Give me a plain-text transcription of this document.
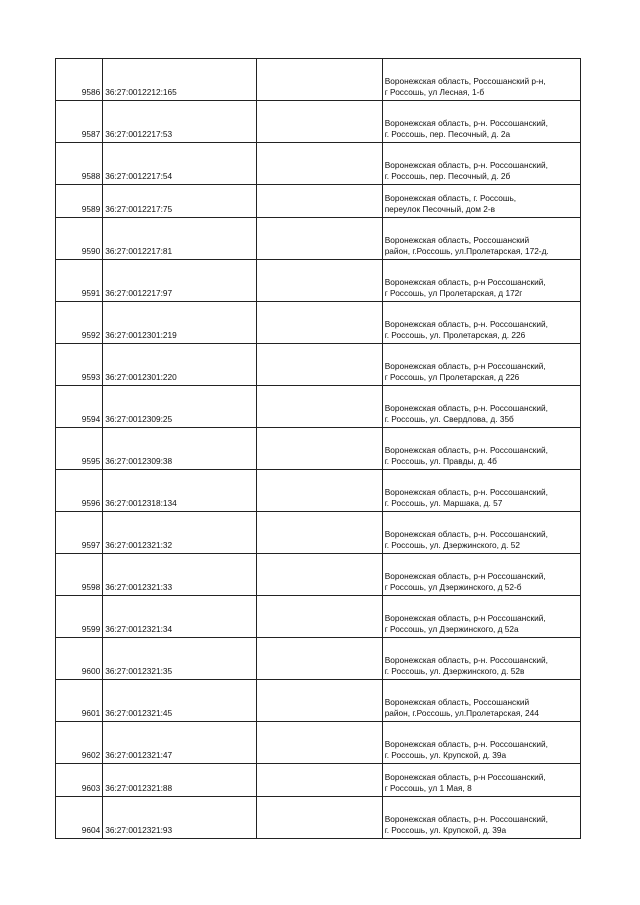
9586	36:27:0012212:165		Воронежская область, Россошанский р-н,
г Россошь, ул Лесная, 1-б

9587	36:27:0012217:53		Воронежская область, р-н. Россошанский,
г. Россошь, пер. Песочный, д. 2а

9588	36:27:0012217:54		Воронежская область, р-н. Россошанский,
г. Россошь, пер. Песочный, д. 2б

9589	36:27:0012217:75		Воронежская область, г. Россошь,
переулок Песочный, дом 2-в

9590	36:27:0012217:81		Воронежская область, Россошанский
район, г.Россошь, ул.Пролетарская, 172-д.

9591	36:27:0012217:97		Воронежская область, р-н Россошанский,
г Россошь, ул Пролетарская, д 172г

9592	36:27:0012301:219		Воронежская область, р-н. Россошанский,
г. Россошь, ул. Пролетарская, д. 226

9593	36:27:0012301:220		Воронежская область, р-н Россошанский,
г Россошь, ул Пролетарская, д 226

9594	36:27:0012309:25		Воронежская область, р-н. Россошанский,
г. Россошь, ул. Свердлова, д. 35б

9595	36:27:0012309:38		Воронежская область, р-н. Россошанский,
г. Россошь, ул. Правды, д. 4б

9596	36:27:0012318:134		Воронежская область, р-н. Россошанский,
г. Россошь, ул. Маршака, д. 57

9597	36:27:0012321:32		Воронежская область, р-н. Россошанский,
г. Россошь, ул. Дзержинского, д. 52

9598	36:27:0012321:33		Воронежская область, р-н Россошанский,
г Россошь, ул Дзержинского, д 52-б

9599	36:27:0012321:34		Воронежская область, р-н Россошанский,
г Россошь, ул Дзержинского, д 52а

9600	36:27:0012321:35		Воронежская область, р-н. Россошанский,
г. Россошь, ул. Дзержинского, д. 52в

9601	36:27:0012321:45		Воронежская область, Россошанский
район, г.Россошь, ул.Пролетарская, 244

9602	36:27:0012321:47		Воронежская область, р-н. Россошанский,
г. Россошь, ул. Крупской, д. 39а

9603	36:27:0012321:88		Воронежская область, р-н Россошанский,
г Россошь, ул 1 Мая, 8

9604	36:27:0012321:93		Воронежская область, р-н. Россошанский,
г. Россошь, ул. Крупской, д. 39а
